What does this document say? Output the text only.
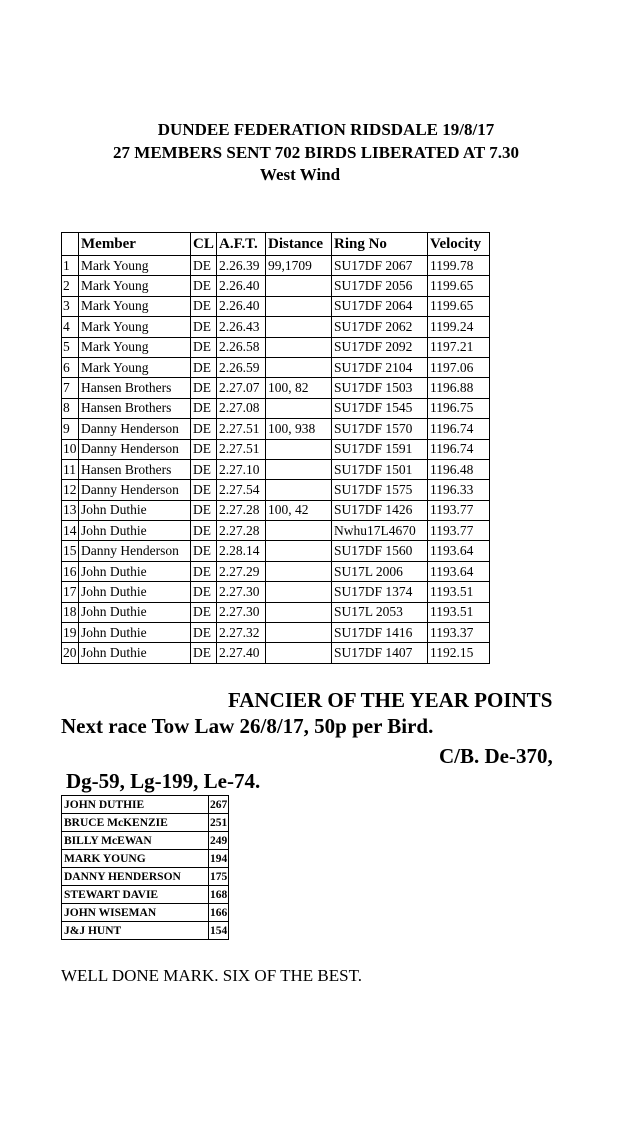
DUNDEE FEDERATION RIDSDALE 19/8/17
27 MEMBERS SENT 702 BIRDS LIBERATED AT 7.30
West Wind
	Member	CL	A.F.T.	Distance	Ring No	Velocity
1	Mark Young	DE	2.26.39	99,1709	SU17DF 2067	1199.78
2	Mark Young	DE	2.26.40		SU17DF 2056	1199.65
3	Mark Young	DE	2.26.40		SU17DF 2064	1199.65
4	Mark Young	DE	2.26.43		SU17DF 2062	1199.24
5	Mark Young	DE	2.26.58		SU17DF 2092	1197.21
6	Mark Young	DE	2.26.59		SU17DF 2104	1197.06
7	Hansen Brothers	DE	2.27.07	100, 82	SU17DF 1503	1196.88
8	Hansen Brothers	DE	2.27.08		SU17DF 1545	1196.75
9	Danny Henderson	DE	2.27.51	100, 938	SU17DF 1570	1196.74
10	Danny Henderson	DE	2.27.51		SU17DF 1591	1196.74
11	Hansen Brothers	DE	2.27.10		SU17DF 1501	1196.48
12	Danny Henderson	DE	2.27.54		SU17DF 1575	1196.33
13	John Duthie	DE	2.27.28	100, 42	SU17DF 1426	1193.77
14	John Duthie	DE	2.27.28		Nwhu17L4670	1193.77
15	Danny Henderson	DE	2.28.14		SU17DF 1560	1193.64
16	John Duthie	DE	2.27.29		SU17L 2006	1193.64
17	John Duthie	DE	2.27.30		SU17DF 1374	1193.51
18	John Duthie	DE	2.27.30		SU17L 2053	1193.51
19	John Duthie	DE	2.27.32		SU17DF 1416	1193.37
20	John Duthie	DE	2.27.40		SU17DF 1407	1192.15
FANCIER OF THE YEAR POINTS
Next race Tow Law 26/8/17, 50p per Bird.
C/B. De-370,
Dg-59, Lg-199, Le-74.
JOHN DUTHIE	267
BRUCE McKENZIE	251
BILLY McEWAN	249
MARK YOUNG	194
DANNY HENDERSON	175
STEWART DAVIE	168
JOHN WISEMAN	166
J&J HUNT	154
WELL DONE MARK. SIX OF THE BEST.
